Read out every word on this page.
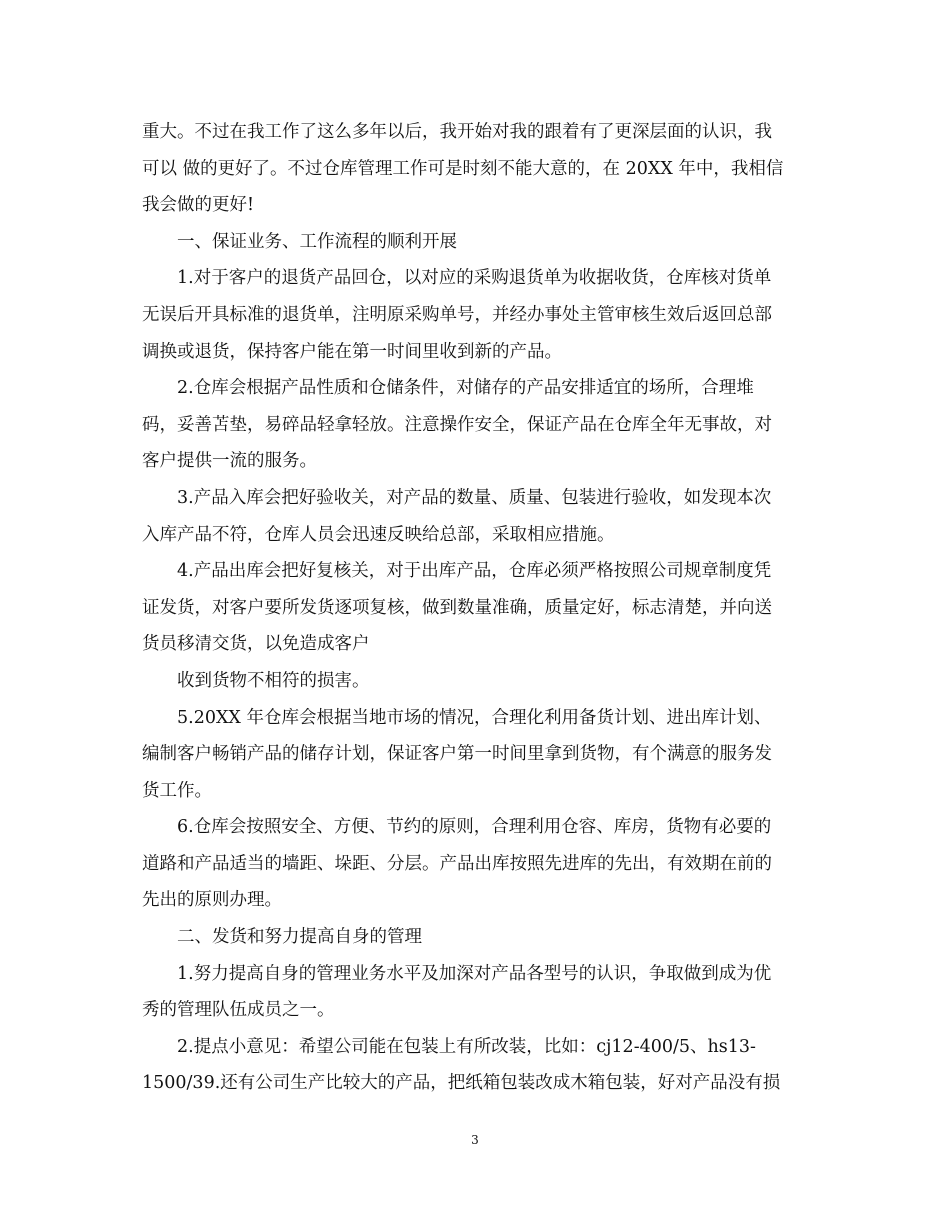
重大。不过在我工作了这么多年以后，我开始对我的跟着有了更深层面的认识，我
可以 做的更好了。不过仓库管理工作可是时刻不能大意的，在 20XX 年中，我相信
我会做的更好!
一、保证业务、工作流程的顺利开展
1.对于客户的退货产品回仓，以对应的采购退货单为收据收货，仓库核对货单
无误后开具标准的退货单，注明原采购单号，并经办事处主管审核生效后返回总部
调换或退货，保持客户能在第一时间里收到新的产品。
2.仓库会根据产品性质和仓储条件，对储存的产品安排适宜的场所，合理堆
码，妥善苫垫，易碎品轻拿轻放。注意操作安全，保证产品在仓库全年无事故，对
客户提供一流的服务。
3.产品入库会把好验收关，对产品的数量、质量、包装进行验收，如发现本次
入库产品不符，仓库人员会迅速反映给总部，采取相应措施。
4.产品出库会把好复核关，对于出库产品，仓库必须严格按照公司规章制度凭
证发货，对客户要所发货逐项复核，做到数量准确，质量定好，标志清楚，并向送
货员移清交货，以免造成客户
收到货物不相符的损害。
5.20XX 年仓库会根据当地市场的情况，合理化利用备货计划、进出库计划、
编制客户畅销产品的储存计划，保证客户第一时间里拿到货物，有个满意的服务发
货工作。
6.仓库会按照安全、方便、节约的原则，合理利用仓容、库房，货物有必要的
道路和产品适当的墙距、垛距、分层。产品出库按照先进库的先出，有效期在前的
先出的原则办理。
二、发货和努力提高自身的管理
1.努力提高自身的管理业务水平及加深对产品各型号的认识，争取做到成为优
秀的管理队伍成员之一。
2.提点小意见：希望公司能在包装上有所改装，比如：cj12-400/5、hs13-
1500/39.还有公司生产比较大的产品，把纸箱包装改成木箱包装，好对产品没有损
3
